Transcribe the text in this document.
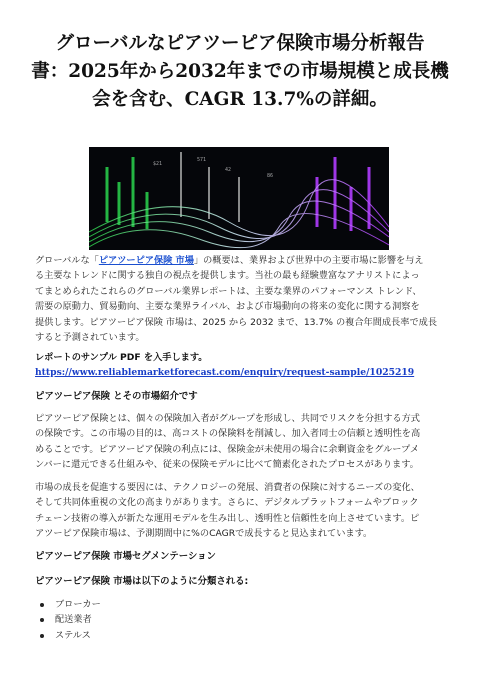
グローバルなピアツーピア保険市場分析報告
書：2025年から2032年までの市場規模と成長機
会を含む、CAGR 13.7%の詳細。
$21
571
42
86
グローバルな「ピアツーピア保険 市場」の概要は、業界および世界中の主要市場に影響を与え
る主要なトレンドに関する独自の視点を提供します。当社の最も経験豊富なアナリストによっ
てまとめられたこれらのグローバル業界レポートは、主要な業界のパフォーマンス トレンド、
需要の原動力、貿易動向、主要な業界ライバル、および市場動向の将来の変化に関する洞察を
提供します。ピアツーピア保険 市場は、2025 から 2032 まで、13.7% の複合年間成長率で成長
すると予測されています。
レポートのサンプル PDF を入手します。
https://www.reliablemarketforecast.com/enquiry/request-sample/1025219
ピアツーピア保険 とその市場紹介です
ピアツーピア保険とは、個々の保険加入者がグループを形成し、共同でリスクを分担する方式
の保険です。この市場の目的は、高コストの保険料を削減し、加入者同士の信頼と透明性を高
めることです。ピアツーピア保険の利点には、保険金が未使用の場合に余剰資金をグループメ
ンバーに還元できる仕組みや、従来の保険モデルに比べて簡素化されたプロセスがあります。
市場の成長を促進する要因には、テクノロジーの発展、消費者の保険に対するニーズの変化、
そして共同体重視の文化の高まりがあります。さらに、デジタルプラットフォームやブロック
チェーン技術の導入が新たな運用モデルを生み出し、透明性と信頼性を向上させています。ピ
アツーピア保険市場は、予測期間中に%のCAGRで成長すると見込まれています。
ピアツーピア保険 市場セグメンテーション
ピアツーピア保険 市場は以下のように分類される:
ブローカー
配送業者
ステルス
